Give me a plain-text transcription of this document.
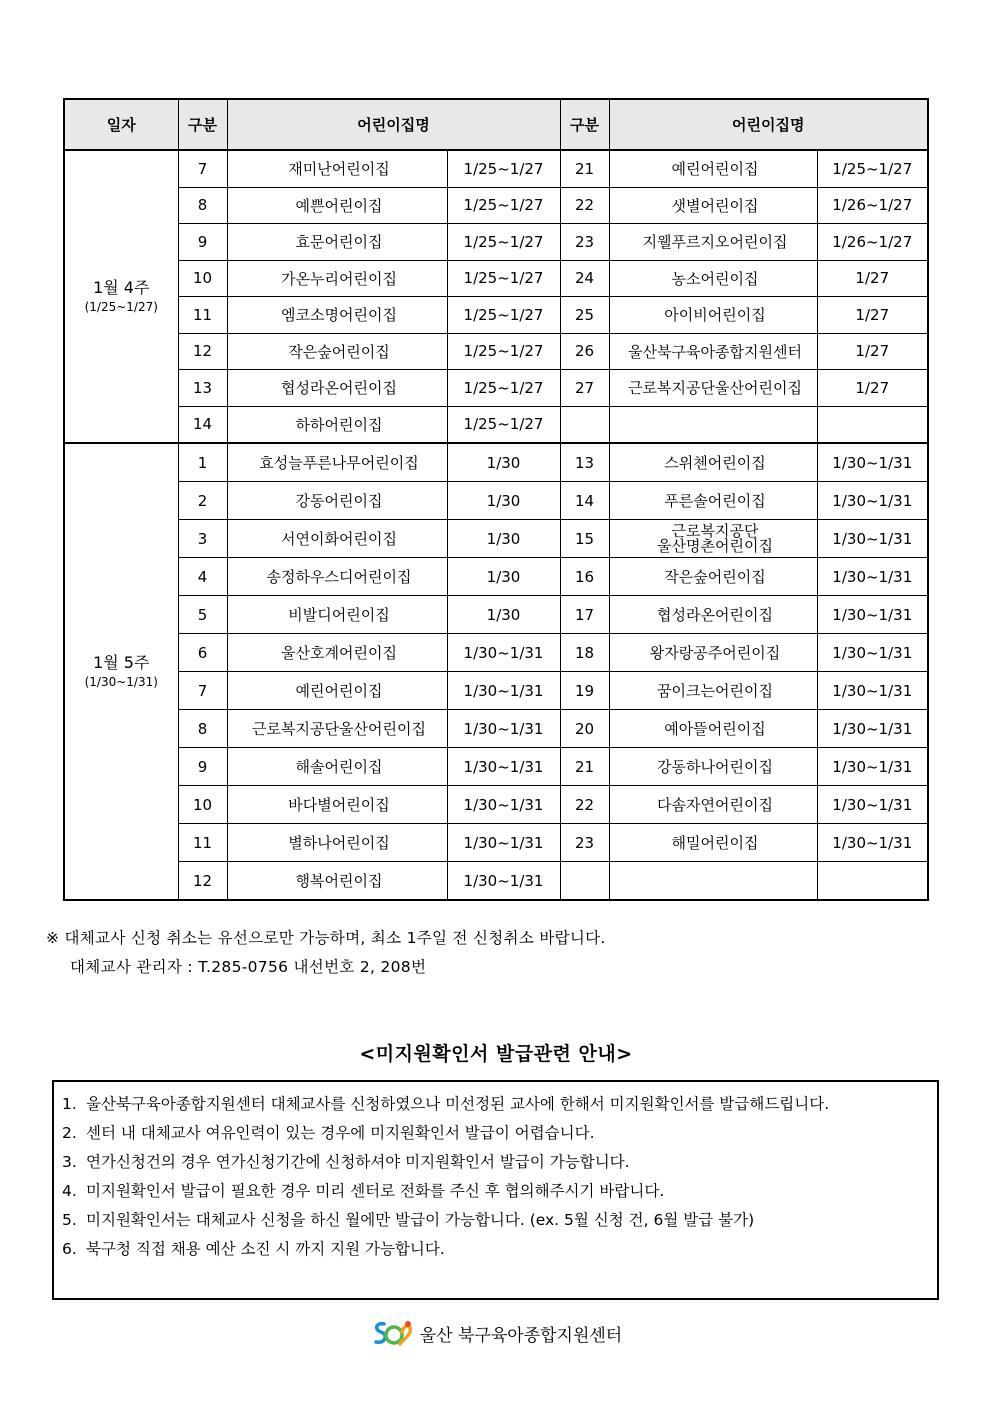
일자	구분	어린이집명		구분	어린이집명	

1월 4주
(1/25~1/27)	7	재미난어린이집	1/25~1/27	21	예린어린이집	1/25~1/27
	8	예쁜어린이집	1/25~1/27	22	샛별어린이집	1/26~1/27
	9	효문어린이집	1/25~1/27	23	지웰푸르지오어린이집	1/26~1/27
	10	가온누리어린이집	1/25~1/27	24	농소어린이집	1/27
	11	엠코소명어린이집	1/25~1/27	25	아이비어린이집	1/27
	12	작은숲어린이집	1/25~1/27	26	울산북구육아종합지원센터	1/27
	13	협성라온어린이집	1/25~1/27	27	근로복지공단울산어린이집	1/27
	14	하하어린이집	1/25~1/27			

1월 5주
(1/30~1/31)	1	효성늘푸른나무어린이집	1/30	13	스위첸어린이집	1/30~1/31
	2	강동어린이집	1/30	14	푸른솔어린이집	1/30~1/31
	3	서연이화어린이집	1/30	15	근로복지공단
울산명촌어린이집	1/30~1/31
	4	송정하우스디어린이집	1/30	16	작은숲어린이집	1/30~1/31
	5	비발디어린이집	1/30	17	협성라온어린이집	1/30~1/31
	6	울산호계어린이집	1/30~1/31	18	왕자랑공주어린이집	1/30~1/31
	7	예린어린이집	1/30~1/31	19	꿈이크는어린이집	1/30~1/31
	8	근로복지공단울산어린이집	1/30~1/31	20	예아뜰어린이집	1/30~1/31
	9	해솔어린이집	1/30~1/31	21	강동하나어린이집	1/30~1/31
	10	바다별어린이집	1/30~1/31	22	다솜자연어린이집	1/30~1/31
	11	별하나어린이집	1/30~1/31	23	해밀어린이집	1/30~1/31
	12	행복어린이집	1/30~1/31			
※ 대체교사 신청 취소는 유선으로만 가능하며, 최소 1주일 전 신청취소 바랍니다.
대체교사 관리자 : T.285-0756 내선번호 2, 208번
<미지원확인서 발급관련 안내>
1. 울산북구육아종합지원센터 대체교사를 신청하였으나 미선정된 교사에 한해서 미지원확인서를 발급해드립니다.
2. 센터 내 대체교사 여유인력이 있는 경우에 미지원확인서 발급이 어렵습니다.
3. 연가신청건의 경우 연가신청기간에 신청하셔야 미지원확인서 발급이 가능합니다.
4. 미지원확인서 발급이 필요한 경우 미리 센터로 전화를 주신 후 협의해주시기 바랍니다.
5. 미지원확인서는 대체교사 신청을 하신 월에만 발급이 가능합니다. (ex. 5월 신청 건, 6월 발급 불가)
6. 북구청 직접 채용 예산 소진 시 까지 지원 가능합니다.
울산 북구육아종합지원센터
